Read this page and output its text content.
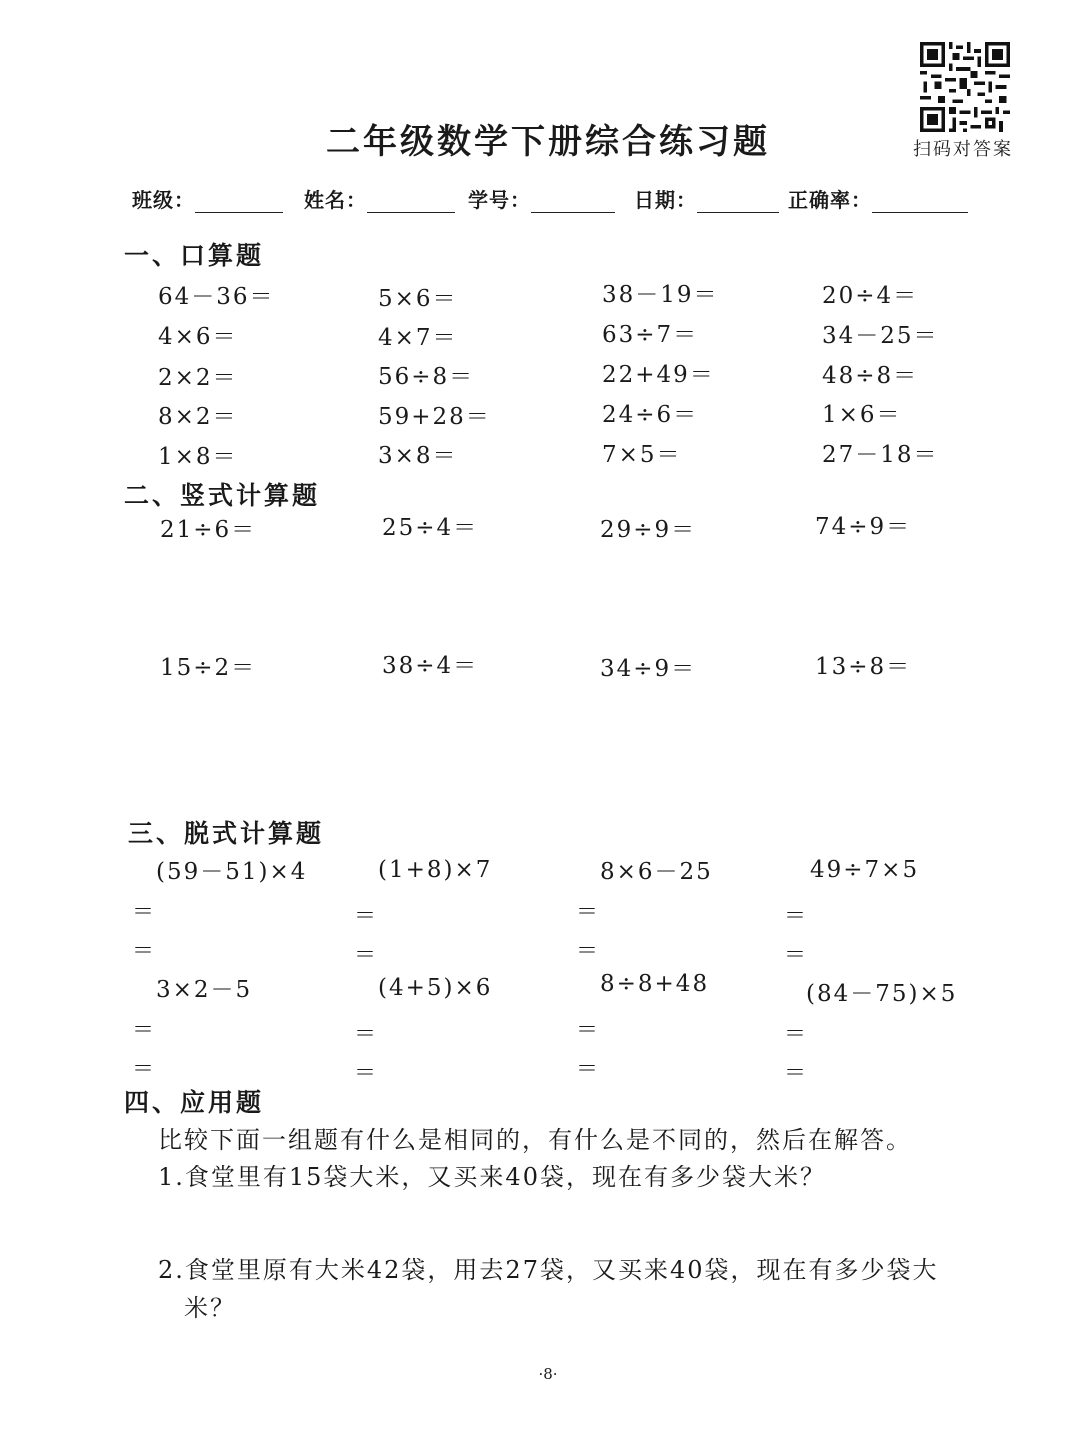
扫码对答案
二年级数学下册综合练习题
班级：	姓名：	学号：	日期：	正确率：
一、口算题
64－36＝	5×6＝	38－19＝	20÷4＝
4×6＝	4×7＝	63÷7＝	34－25＝
2×2＝	56÷8＝	22+49＝	48÷8＝
8×2＝	59+28＝	24÷6＝	1×6＝
1×8＝	3×8＝	7×5＝	27－18＝
二、竖式计算题
21÷6＝	25÷4＝	29÷9＝	74÷9＝
15÷2＝	38÷4＝	34÷9＝	13÷8＝
三、脱式计算题
(59－51)×4	(1+8)×7	8×6－25	49÷7×5
＝
＝
＝
＝
＝
＝
＝
＝
3×2－5	(4+5)×6	8÷8+48	(84－75)×5
＝
＝
＝
＝
＝
＝
＝
＝
四、应用题
比较下面一组题有什么是相同的，有什么是不同的，然后在解答。
1.食堂里有15袋大米，又买来40袋，现在有多少袋大米？
2.食堂里原有大米42袋，用去27袋，又买来40袋，现在有多少袋大
米？
·8·
